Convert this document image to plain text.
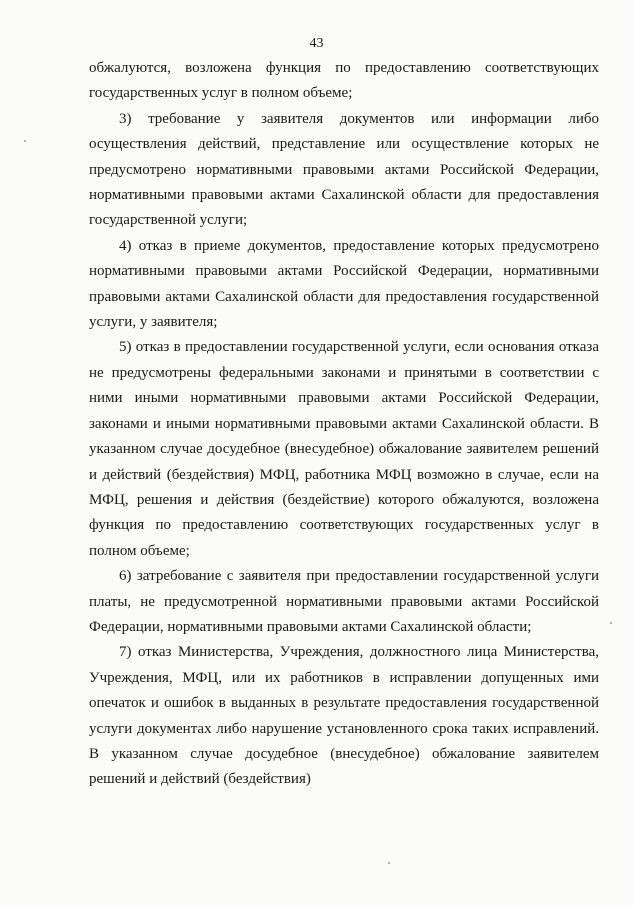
43

обжалуются, возложена функция по предоставлению соответствующих государственных услуг в полном объеме;

3) требование у заявителя документов или информации либо осуществления действий, представление или осуществление которых не предусмотрено нормативными правовыми актами Российской Федерации, нормативными правовыми актами Сахалинской области для предоставления государственной услуги;

4) отказ в приеме документов, предоставление которых предусмотрено нормативными правовыми актами Российской Федерации, нормативными правовыми актами Сахалинской области для предоставления государственной услуги, у заявителя;

5) отказ в предоставлении государственной услуги, если основания отказа не предусмотрены федеральными законами и принятыми в соответствии с ними иными нормативными правовыми актами Российской Федерации, законами и иными нормативными правовыми актами Сахалинской области. В указанном случае досудебное (внесудебное) обжалование заявителем решений и действий (бездействия) МФЦ, работника МФЦ возможно в случае, если на МФЦ, решения и действия (бездействие) которого обжалуются, возложена функция по предоставлению соответствующих государственных услуг в полном объеме;

6) затребование с заявителя при предоставлении государственной услуги платы, не предусмотренной нормативными правовыми актами Российской Федерации, нормативными правовыми актами Сахалинской области;

7) отказ Министерства, Учреждения, должностного лица Министерства, Учреждения, МФЦ, или их работников в исправлении допущенных ими опечаток и ошибок в выданных в результате предоставления государственной услуги документах либо нарушение установленного срока таких исправлений. В указанном случае досудебное (внесудебное) обжалование заявителем решений и действий (бездействия)
